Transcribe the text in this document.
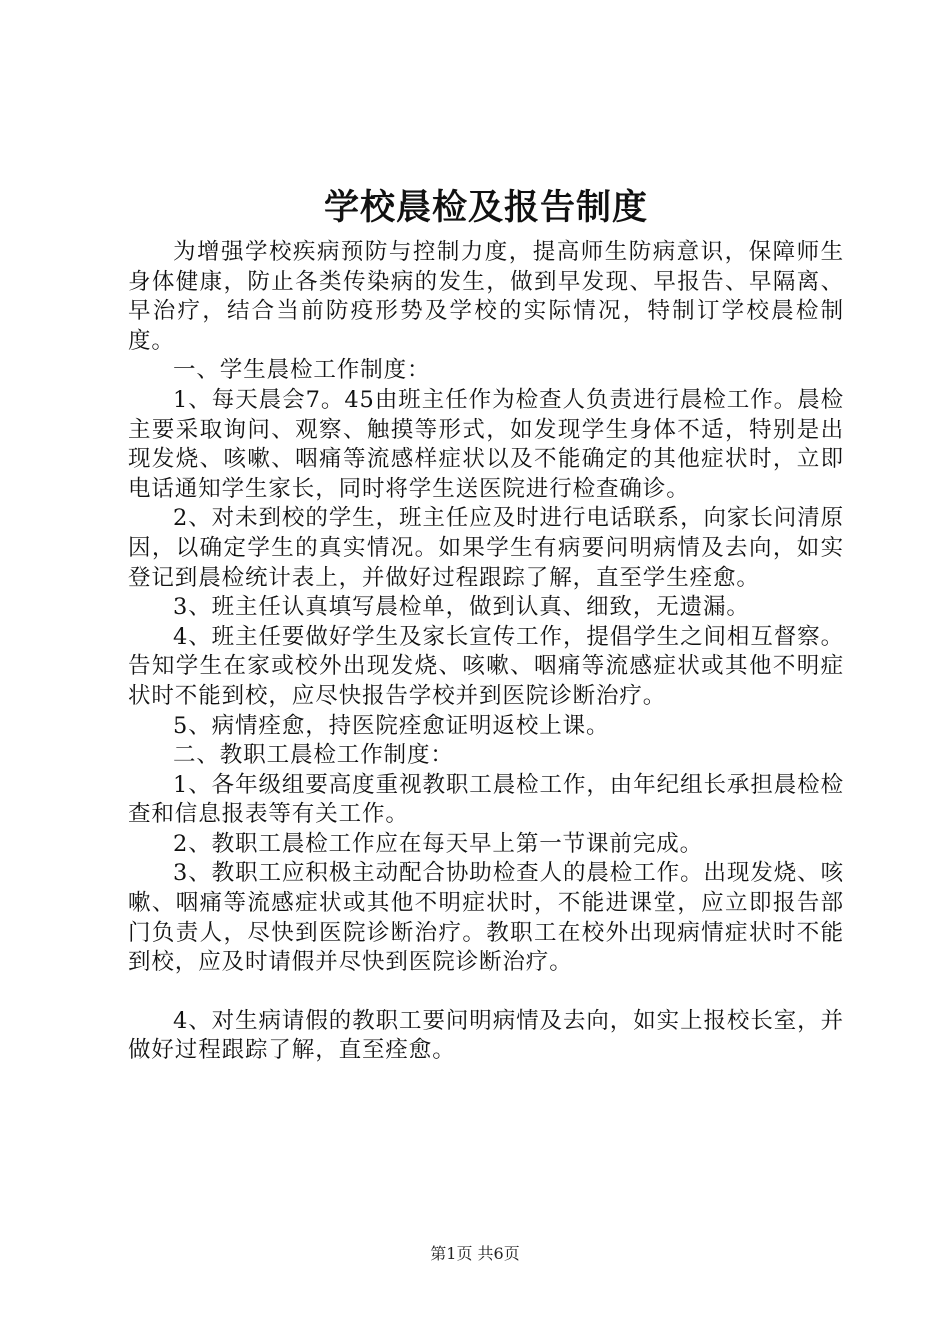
学校晨检及报告制度

为增强学校疾病预防与控制力度，提高师生防病意识，保障师生身体健康，防止各类传染病的发生，做到早发现、早报告、早隔离、早治疗，结合当前防疫形势及学校的实际情况，特制订学校晨检制度。

一、学生晨检工作制度：

1、每天晨会7。45由班主任作为检查人负责进行晨检工作。晨检主要采取询问、观察、触摸等形式，如发现学生身体不适，特别是出现发烧、咳嗽、咽痛等流感样症状以及不能确定的其他症状时，立即电话通知学生家长，同时将学生送医院进行检查确诊。

2、对未到校的学生，班主任应及时进行电话联系，向家长问清原因，以确定学生的真实情况。如果学生有病要问明病情及去向，如实登记到晨检统计表上，并做好过程跟踪了解，直至学生痊愈。

3、班主任认真填写晨检单，做到认真、细致，无遗漏。

4、班主任要做好学生及家长宣传工作，提倡学生之间相互督察。告知学生在家或校外出现发烧、咳嗽、咽痛等流感症状或其他不明症状时不能到校，应尽快报告学校并到医院诊断治疗。

5、病情痊愈，持医院痊愈证明返校上课。

二、教职工晨检工作制度：

1、各年级组要高度重视教职工晨检工作，由年纪组长承担晨检检查和信息报表等有关工作。

2、教职工晨检工作应在每天早上第一节课前完成。

3、教职工应积极主动配合协助检查人的晨检工作。出现发烧、咳嗽、咽痛等流感症状或其他不明症状时，不能进课堂，应立即报告部门负责人，尽快到医院诊断治疗。教职工在校外出现病情症状时不能到校，应及时请假并尽快到医院诊断治疗。

4、对生病请假的教职工要问明病情及去向，如实上报校长室，并做好过程跟踪了解，直至痊愈。

第1页 共6页
